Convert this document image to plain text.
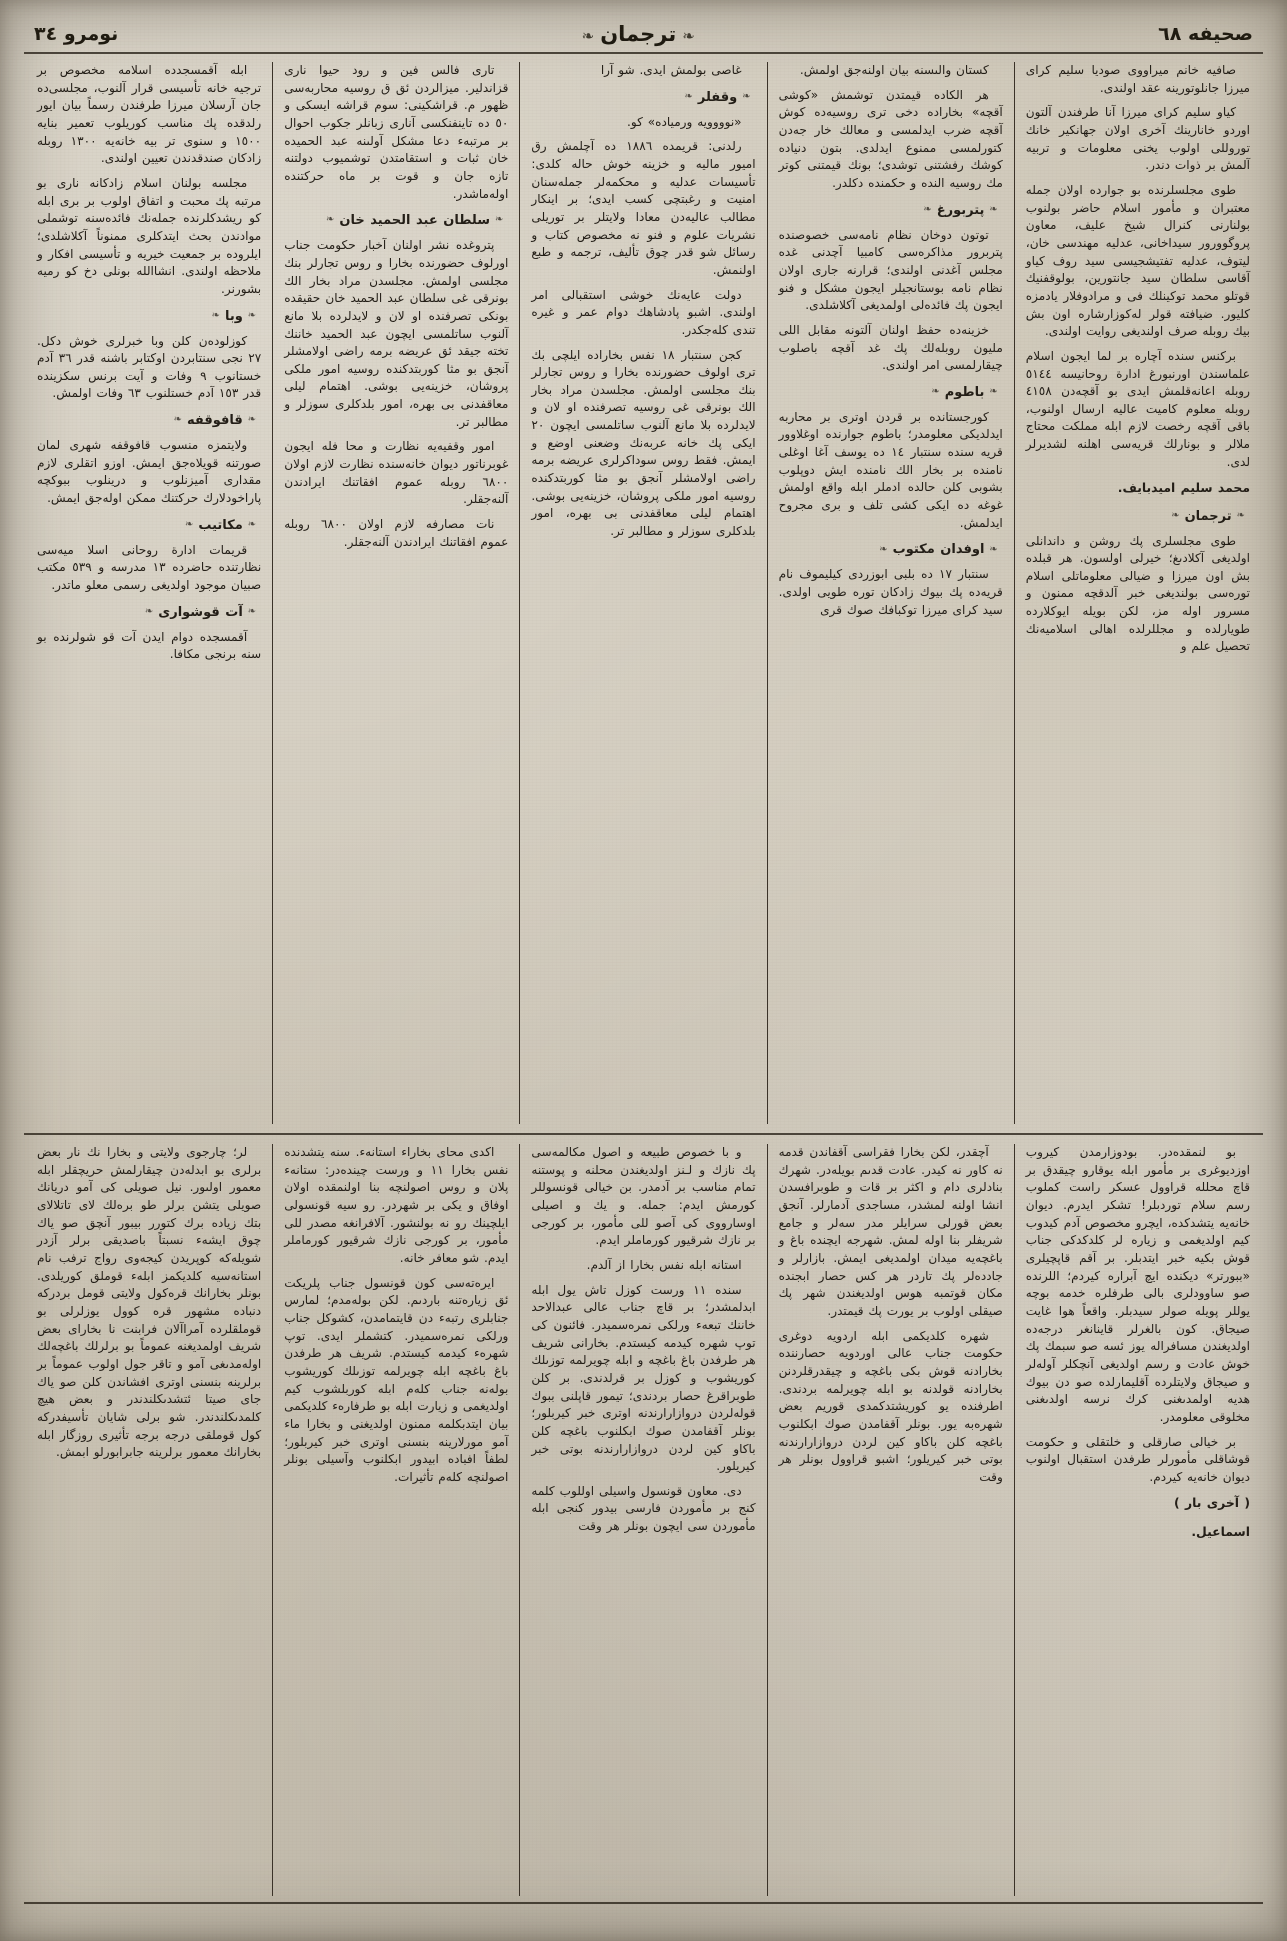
صحيفه ٦٨
❧ترجمان❧
نومرو ٣٤

صافيه خانم ميراووى صوديا سليم كراى ميرزا جانلوتورينه عقد اولندى.

كياو سليم كراى ميرزا آنا طرفندن آلتون اوردو خانارينك آخرى اولان جهانكير خانك توروللى اولوب يخنى معلومات و تربيه آلمش بر ذوات دندر.

طوى مجلسلرنده بو جوارده اولان جمله معتبران و مأمور اسلام حاضر بولنوب بولنارنى كنرال شيخ عليف، معاون پروگوورور سيداخانى، عدليه مهندسى خان، ليتوف، عدليه تفتيشجيسى سيد روف كياو آقاسى سلطان سيد جانتورين، بولوقفنيك قوتلو محمد توكينلك فى و مرادوفلار يادمزه كليور. ضيافته قولر له‌كوزارشاره اون بش بيك روبله صرف اولنديغى روايت اولندى.

بركنس سنده آچاره بر لما ايجون اسلام علماسندن اورنبورغ ادارة روحانيسه ٥١٤٤ روبله اعانه‌قلمش ايدى بو آقچه‌دن ٤١٥٨ روبله معلوم كاميت عاليه ارسال اولنوب، باقى آقچه رخصت لازم ابله مملكت محتاج ملالر و بونارلك قريه‌سى اهلنه لشديرلر لدى.

محمد سليم اميدبايف.
❧ترجمان❧

طوى مجلسلرى پك روشن و داندانلى اولديغى آ‌كلادىغ؛ خيرلى اولسون. هر قبلده بش اون ميرزا و ضيالى معلوماتلى اسلام تورەسى بولنديغى خبر آلدقچه ممنون و مسرور اوله مز، لكن بويله ايوكلارده طويارلده و مجللرلده اهالى اسلاميەنك تحصيل علم و

كستان والىسنه بيان اولنه‌جق اولمش.

هر الكاده قيمتدن توشمش «كوشى آقچه» بخاراده دخى ترى روسيه‌ده كوش آقچه ضرب ايدلمسى و معالك خار جه‌دن كتورلمسى ممنوع ايدلدى. بتون دنياده كوشك رفشتنى توشدى؛ بونك قيمتنى كوتر مك روسيه النده و حكمنده دكلدر.

❧پتربورغ❧

توتون دوخان نظام نامه‌سى خصوصنده پتربرور مذاكرەسى كامبيا آچدنى غده مجلس آغدنى اولندى؛ قرارنه جارى اولان نظام نامه بوستانجيلر ايجون مشكل و فنو ايجون پك فائدەلى اولمديغى آ‌كلاشلدى.

خزينەده حفظ اولنان آلتونه مقابل اللى مليون روبله‌لك پك غد آقچه باصلوب چيقارلمسى امر اولندى.

❧باطوم❧

كورجستانده بر قردن اوترى بر محاربه ايدلديكى معلومدر؛ باطوم جوارنده اوغلاوور قريه سنده سنتبار ١٤ ده يوسف آغا اوغلى نامنده بر بخار الك نامنده ايش دوپلوب بشوبى كلن حالده ادملر ابله واقع اولمش غوغه ده ايكى كشى تلف و برى مجروح ايدلمش.

❧اوفدان مكتوب❧

سنتبار ١٧ ده بلبى ابوزردى كيليموف نام قريه‌ده پك بيوك زادكان توره طويى اولدى. سيد كراى ميرزا توكبافك صوك قرى

غاصى بولمش ايدى. شو آرا

❧وقفلر❧

«نوووويه ورمياده» كو.

رلدنى: قريمده ١٨٨٦ ده آچلمش رق اميور ماليه و خزينه خوش حاله كلدى: تأسيسات عدليه و محكمه‌لر جملەسنان امنيت و رغبتچى كسب ايدى؛ بر اينكار مطالب عاليه‌دن معادا ولايتلر بر توريلى نشريات علوم و فنو نه مخصوص كتاب و رسائل شو قدر چوق تأليف، ترجمه و طبع اولنمش.

دولت عايەنك خوشى استقبالى امر اولندى. اشبو پادشاهك دوام عمر و غيره تندى كله‌جكدر.

كجن سنتبار ١٨ نفس بخاراده ايلچى بك ترى اولوف حضورنده بخارا و روس تجارلر بنك مجلسى اولمش. مجلسدن مراد بخار الك بونرقى غى روسيه تصرفنده او لان و لايدلرده بلا مانع آلنوب ساتلمسى ايچون ٢٠ ايكى پك خانه عربه‌نك وضعنى اوضع و ايمش. فقط روس سودا‌كرلرى عريضه برمه راضى اولامشلر آنجق بو مثا كوربتدكنده روسيه امور ملكى پروشان، خزينه‌يى بوشى. اهتمام ليلى معاقفدنى بى بهره، امور بلدكلرى سوزلر و مطالبر تر.

تارى فالس فين و رود حيوا نارى قزاندلير. ميزالردن ئق ق روسيه محاربەسى ظهور م. قراشكينى: سوم قراشه ايسكى و ٥٠ ده تاينفنكسى آنارى زبانلر جكوب احوال بر مرتبه‌ء دعا مشكل آولىنه عبد الحميده خان ثبات و استقامتدن توشميوب دولتنه تازه جان و قوت بر ماه حركتنده اولەماشدر.

❧سلطان عبد الحميد خان❧

پتروغده نشر اولنان آخبار حكومت جناب اورلوف حضورنده بخارا و روس تجارلر بنك مجلسى اولمش. مجلسدن مراد بخار الك بونرقى غى سلطان عبد الحميد خان حقيقده بونكى تصرفنده او لان و لايدلرده بلا مانع آلنوب ساتلمسى ايچون عبد الحميد خاننك تخته جيقد ئق عريضه برمه راضى اولامشلر آنجق بو مثا كوربتدكنده روسيه امور ملكى پروشان، خزينه‌يى بوشى. اهتمام ليلى معاقفدنى بى بهره، امور بلدكلرى سوزلر و مطالبر تر.

امور وقفيه‌يه نظارت و محا فله ايجون غوبرناتور ديوان خانەسنده نظارت لازم اولان ٦٨٠٠ روبله عموم افقاتنك ايرادندن آلنه‌جقلر.

نات مصارفه لازم اولان ٦٨٠٠ روبله عموم افقاتنك ايرادندن آلنه‌جقلر.

ابله آقمسجدده اسلامه مخصوص بر ترجيه خانه تأسيسى قرار آلنوب، مجلسى‌ده جان آرسلان ميرزا طرفندن رسماً بيان ايور رلدقده پك مناسب كوريلوب تعمير بنايه ١٥٠٠ و سنوى تر بيه خانه‌يه ١٣٠٠ روبله زادكان صندقدندن تعيين اولندى.

مجلسه بولنان اسلام زادكانه نارى بو مرتبه پك محبت و اتفاق اولوب بر برى ابله كو ريشدكلرنده جملەنك فائده‌سنه توشملى موادندن بحث ايتدكلرى ممنوناً آ‌كلاشلدى؛ ايلروده بر جمعيت خيريه و تأسيسى افكار و ملاحظه اولندى. انشاالله بونلى دخ كو رميه بشورنر.

❧وبا❧

كوزلودەن كلن وبا خبرلرى خوش دكل. ٢٧ نجى سنتابردن اوكتابر باشنه قدر ٣٦ آدم خستانوب ٩ وفات و آيت برنس سكزينده قدر ١٥٣ آدم خستلنوب ٦٣ وفات اولمش.

❧قافوقفه❧

ولايتمزه منسوب قافوقفه شهرى لمان صورتنه قويلاه‌جق ايمش. اوزو اتقلرى لازم مقدارى آميزنلوب و درينلوب ببوكچه پاراخودلارك حركتنك ممكن اوله‌جق ايمش.

❧مكاتيب❧

قريمات ادارة روحانى اسلا ميەسى نظارتنده حاضرده ١٣ مدرسه و ٥٣٩ مكتب صبيان موجود اولديغى رسمى معلو ماتدر.

❧آت قوشوارى❧

آقمسجده دوام ايدن آت قو شولرنده بو سنه برنجى مكافا.

بو لنمقدەدر. بودوزارمدن كيروب اوزديوغرى بر مأمور ابله يوقارو چيقدق بر قاچ محلله قراوول عسكر راست كملوب رسم سلام توردبلر! تشكر ايدرم. ديوان خانه‌يه يتشدكده، ايچرو مخصوص آدم كيدوب كيم اولديغمى و زياره لر كلدكدكى جناب قوش بكيه خبر ايتدبلر. بر آقم قاپچيلرى «ببورتر» ديكنده ايچ آبراره كيردم؛ اللرنده صو ساوودلرى بالى طرفلره خدمه بوچه يوللر پويله صولر سيدبلر. واقعاً هوا غايت صيجاق. كون بالغرلر قاينانغر درجه‌ده اولديغندن مسافراله يوز ئسه صو سبمك پك خوش عادت و رسم اولديغى آنچكلر آوله‌لر و صيجاق ولايتلرده آقليمارلده صو دن بيوك هديه اولمدىغنى كرك نرسه اولدىغنى مخلوقى معلومدر.

بر خيالى صارقلى و خلتقلى و حكومت قوشاقلى مأمورلر طرفدن استقبال اولنوب ديوان خانه‌يه كيردم.

( آخرى بار )
اسماعيل.

آچقدر، لكن بخارا فقراسى آقفاندن قدمه نه كاور نه كيدر. عادت قدىم بويلەدر. شهرك بنادلرى دام و اكثر بر قات و طوبرافسدن انشا اولنه لمشدر، مساجدى آدمارلر. آنجق بعض قورلى سرايلر مدر سه‌لر و جامع شريفلر بنا اوله لمش. شهرجه ايچنده باغ و باغچه‌يه ميدان اولمديغى ايمش. بازارلر و جاددەلر پك تاردر هر كس حصار ابجنده مكان قوتمبه هوس اولديغندن شهر پك صيقلى اولوب بر يورت پك قيمتدر.

شهره كلديكمى ابله اردويه دوغرى حكومت جناب عالى اوردويه حصارننده بخارادنه قوش بكى باغچه و چيقدرقلردنن بخارادنه قولدنه بو ابله چويرلمه بردندى. اطرفنده يو كوريشتدكمدى قوريم بعض شهره‌به يور. بونلر آقفامدن صوك ابكلنوب باغچه كلن باكاو كين لردن دروازارارندنه بوتى خبر كيريلور؛ اشبو قراوول بونلر هر وقت

و با خصوص طبيعه و اصول مكالمه‌سى پك نازك و لـنز اولديغندن محلنه و پوستنه تمام مناسب بر آدمدر. بن خيالى قونسوللر كورمش ايدم: جمله. و يك و اصيلى اوسارووى كى آصو للى مأمور، بر كورجى بر نازك شرقيور كورماملر ايدم.

استانه ابله نفس بخارا از آلدم.

سنده ١١ ورست كوزل تاش يول ابله ابدلمشدر؛ بر قاچ جناب عالى عبدالاحد خاننك تبعه‌ء ورلكى نمرەسميدر. فائنون كى توپ شهره كيدمه كيستدم. بخارانى شريف هر طرفدن باغ باغچه و ابله چويرلمه توزىلك كوريشوب و كوزل بر قرلدندى. بر كلن طوبراقرغ حصار بردندى؛ تيمور قاپلنى ببوك قوله‌لردن درواز‌ارارندنه اوترى خبر كيربلور؛ بونلر آقفامدن صوك ابكلنوب باغچه كلن باكاو كين لردن دروازارارندنه بوتى خبر كيريلور.

دى. معاون قونسول واسيلى اوللوب كلمه كنج بر مأموردن فارسى بيدور كنجى ابله مأموردن سى ايچون بونلر هر وقت

اكدى محاى بخاراء استانه‌ء. سنه يتشدنده نفس بخارا ١١ و ورست چيندەدر: ستانه‌ء پلان و روس اصولنچه بنا اولنمقده اولان اوفاق و يكى بر شهردر. رو سيه قونسولى ايلچينك رو نه بولنشور. آلافرانغه مصدر للى مأمور، بر كورجى نازك شرقيور كورماملر ايدم. شو معافر خانه.

ايرەتەسى كون قونسول جناب پلريكت ئق زيارەتنه باردىم. لكن بوله‌مدم؛ لمارس جنابلرى رتبه‌ء دن قايتمامدن، كشوكل جناب ورلكى نمرەسميدر. كتشملر ايدى. توپ شهره‌ء كيدمه كيستدم. شريف هر طرفدن باغ باغچه ابله چويرلمه توزىلك كوريشوب بوله‌نه جناب كلەم ابله كوربلشوب كيم اولديغمى و زيارت ابله بو طرفارەء كلديكمى بيان ايتدبكلمه ممنون اولديغنى و بخارا ماء آمو مورلارينه بنسنى اوترى خبر كيربلور؛ لطفاً افباده ابيدور ابكلنوب وآسيلى بونلر اصولنچه كلەم تأثيرات.

لر؛ چارجوى ولايتى و بخارا نك نار بعض برلرى بو ابدلەدن چيقارلمش حريچقلر ابله معمور اولىور. نيل صويلى كى آمو دريانك صويلى يتشن برلر طو برەلك لاى تاتلالاى بتك زياده برك كتورر بيبور آنچق صو ياك چوق ايشه‌ء نسبتاً باصديقى برلر آزدر شويلەكه كوپريدن كيجەوى رواج ترفب نام استانه‌سيه كلديكمز ابله‌ء قوملق كوريلدى. بونلر بخارانك قرەكول ولايتى قومل بردركه دنباده مشهور قره كوول يوزلرلى بو قوملقلرده آمراآلان فرابنت نا بخاراى بعض شريف اولمديغنه عموماً بو برلرلك باغچەلك اولەمدىغى آمو و تاقر جول اولوب عموماً بر برلرينه بنسنى اوترى افشاندن كلن صو ياك جاى صيتا ئتشدىكلندندر و بعض هيچ كلمدىكلندندر. شو برلى شايان تأسيفدركه كول قوملقى درجه برجه تأثيرى روزگار ابله بخارانك معمور برلرينه جابرابورلو ابمش.
